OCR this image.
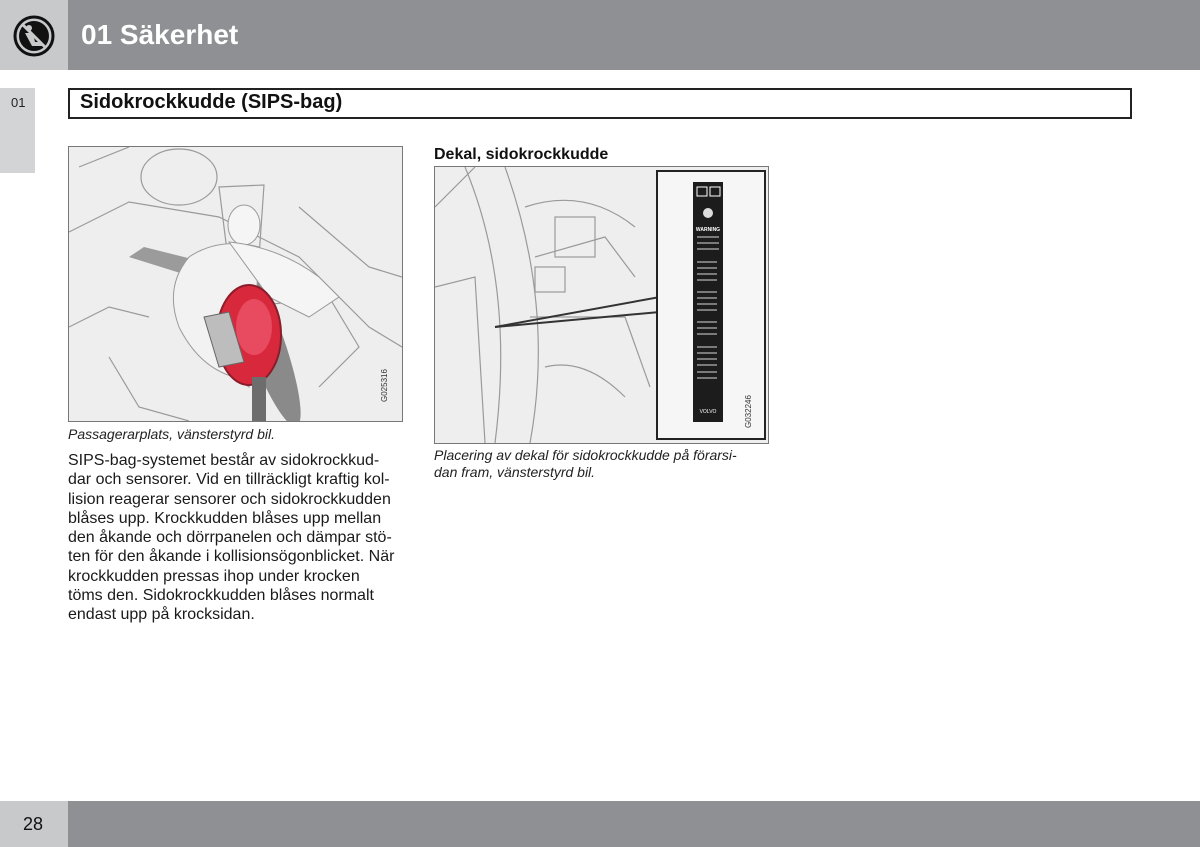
01 Säkerhet
01	Sidokrockkudde (SIPS-bag)
G025316
Passagerarplats, vänsterstyrd bil.
SIPS-bag-systemet består av sidokrockkud-
dar och sensorer. Vid en tillräckligt kraftig kol-
lision reagerar sensorer och sidokrockkudden
blåses upp. Krockkudden blåses upp mellan
den åkande och dörrpanelen och dämpar stö-
ten för den åkande i kollisionsögonblicket. När
krockkudden pressas ihop under krocken
töms den. Sidokrockkudden blåses normalt
endast upp på krocksidan.
Dekal, sidokrockkudde
WARNING
VOLVO	G032246
Placering av dekal för sidokrockkudde på förarsi-
dan fram, vänsterstyrd bil.
28
